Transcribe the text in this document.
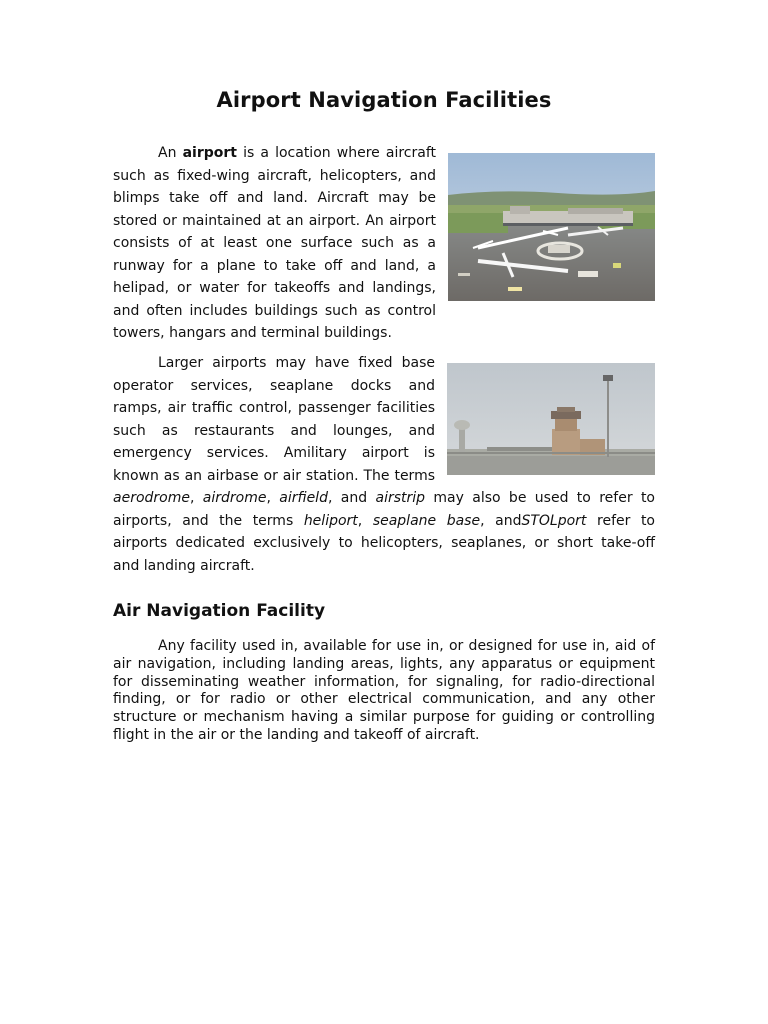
Airport Navigation Facilities

An airport is a location where aircraft such as fixed-wing aircraft, helicopters, and blimps take off and land. Aircraft may be stored or maintained at an airport. An airport consists of at least one surface such as a runway for a plane to take off and land, a helipad, or water for takeoffs and landings, and often includes buildings such as control towers, hangars and terminal buildings.

Larger airports may have fixed base operator services, seaplane docks and ramps, air traffic control, passenger facilities such as restaurants and lounges, and emergency services. Amilitary airport is known as an airbase or air station. The terms aerodrome, airdrome, airfield, and airstrip may also be used to refer to airports, and the terms heliport, seaplane base, andSTOLport refer to airports dedicated exclusively to helicopters, seaplanes, or short take-off and landing aircraft.

Air Navigation Facility

Any facility used in, available for use in, or designed for use in, aid of air navigation, including landing areas, lights, any apparatus or equipment for disseminating weather information, for signaling, for radio-directional finding, or for radio or other electrical communication, and any other structure or mechanism having a similar purpose for guiding or controlling flight in the air or the landing and takeoff of aircraft.
